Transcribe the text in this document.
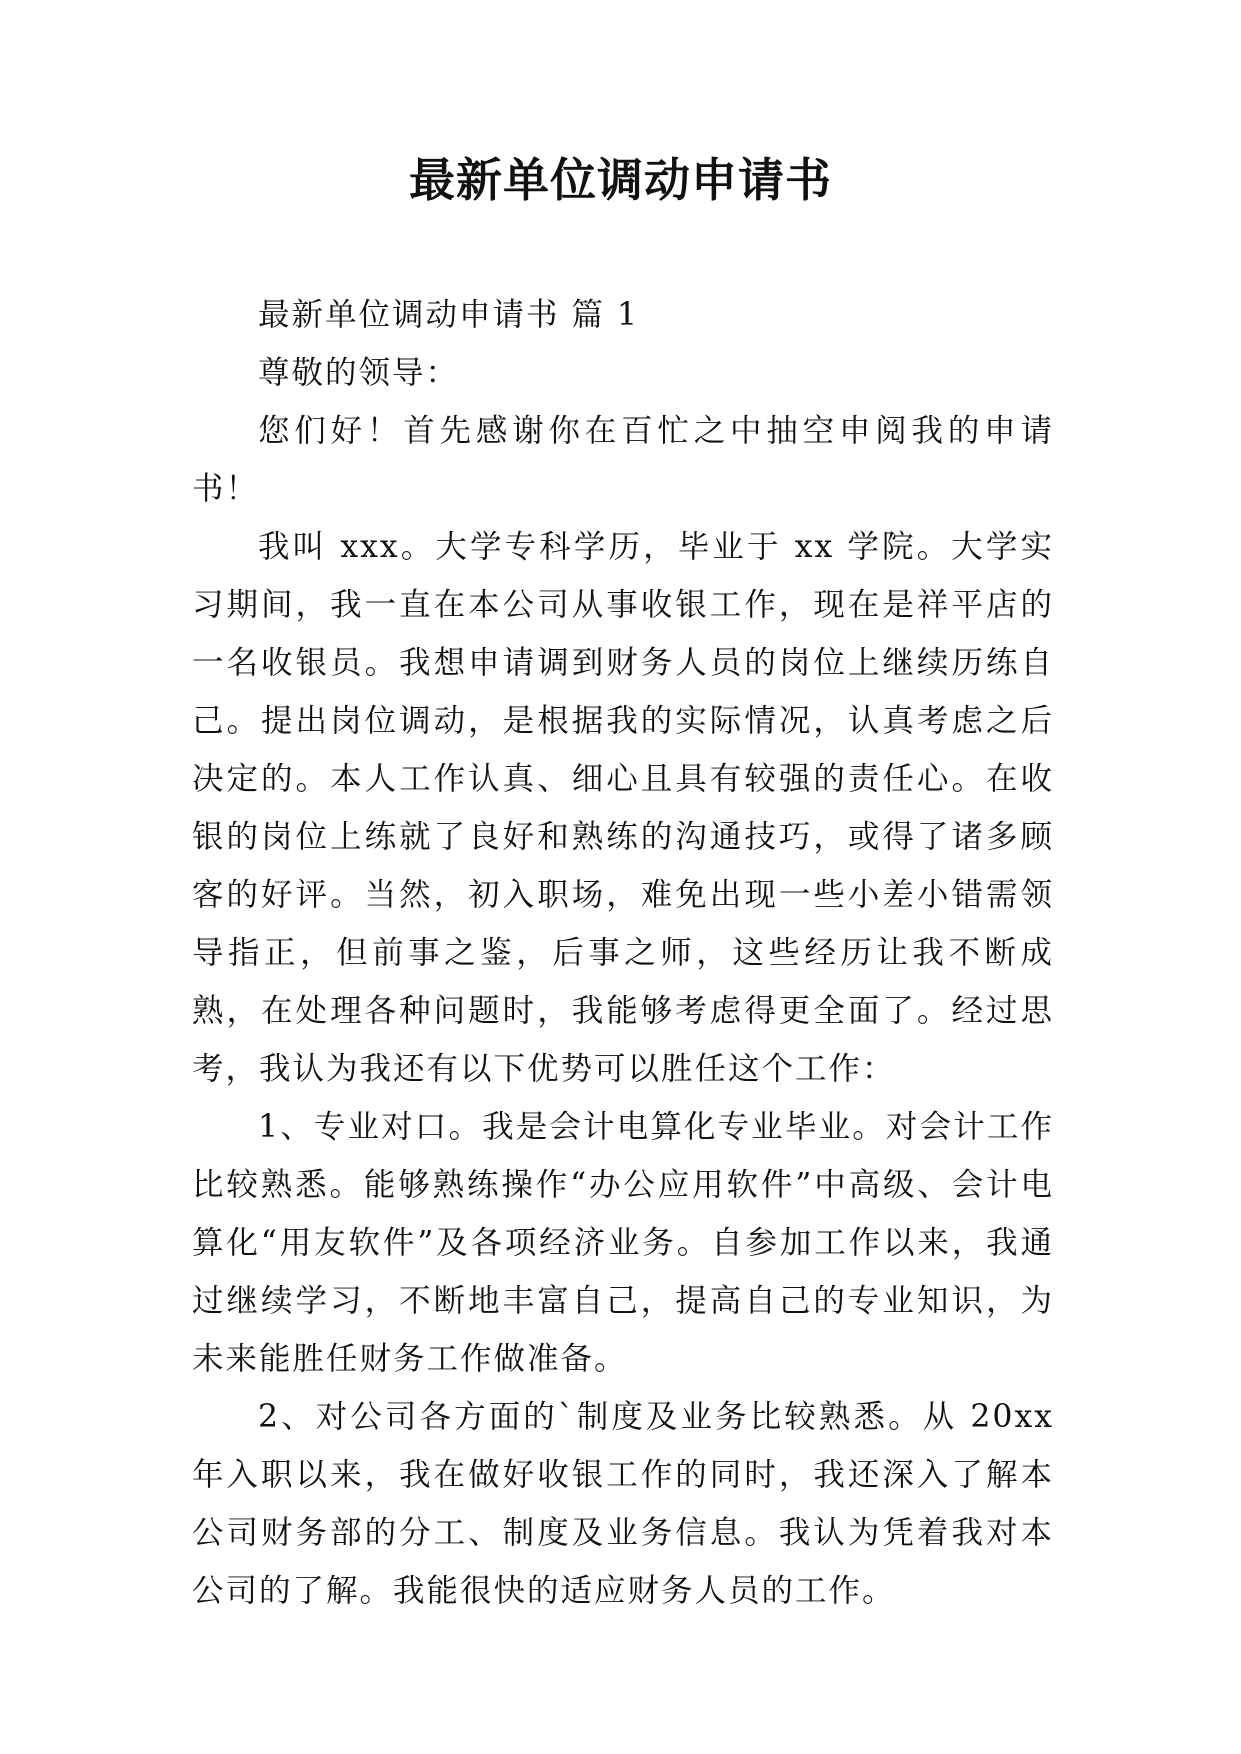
最新单位调动申请书

最新单位调动申请书 篇 1

尊敬的领导：

您们好！首先感谢你在百忙之中抽空申阅我的申请书！

我叫 xxx。大学专科学历，毕业于 xx 学院。大学实习期间，我一直在本公司从事收银工作，现在是祥平店的一名收银员。我想申请调到财务人员的岗位上继续历练自己。提出岗位调动，是根据我的实际情况，认真考虑之后决定的。本人工作认真、细心且具有较强的责任心。在收银的岗位上练就了良好和熟练的沟通技巧，或得了诸多顾客的好评。当然，初入职场，难免出现一些小差小错需领导指正，但前事之鉴，后事之师，这些经历让我不断成熟，在处理各种问题时，我能够考虑得更全面了。经过思考，我认为我还有以下优势可以胜任这个工作：

1、专业对口。我是会计电算化专业毕业。对会计工作比较熟悉。能够熟练操作“办公应用软件”中高级、会计电算化“用友软件”及各项经济业务。自参加工作以来，我通过继续学习，不断地丰富自己，提高自己的专业知识，为未来能胜任财务工作做准备。

2、对公司各方面的`制度及业务比较熟悉。从 20xx 年入职以来，我在做好收银工作的同时，我还深入了解本公司财务部的分工、制度及业务信息。我认为凭着我对本公司的了解。我能很快的适应财务人员的工作。
